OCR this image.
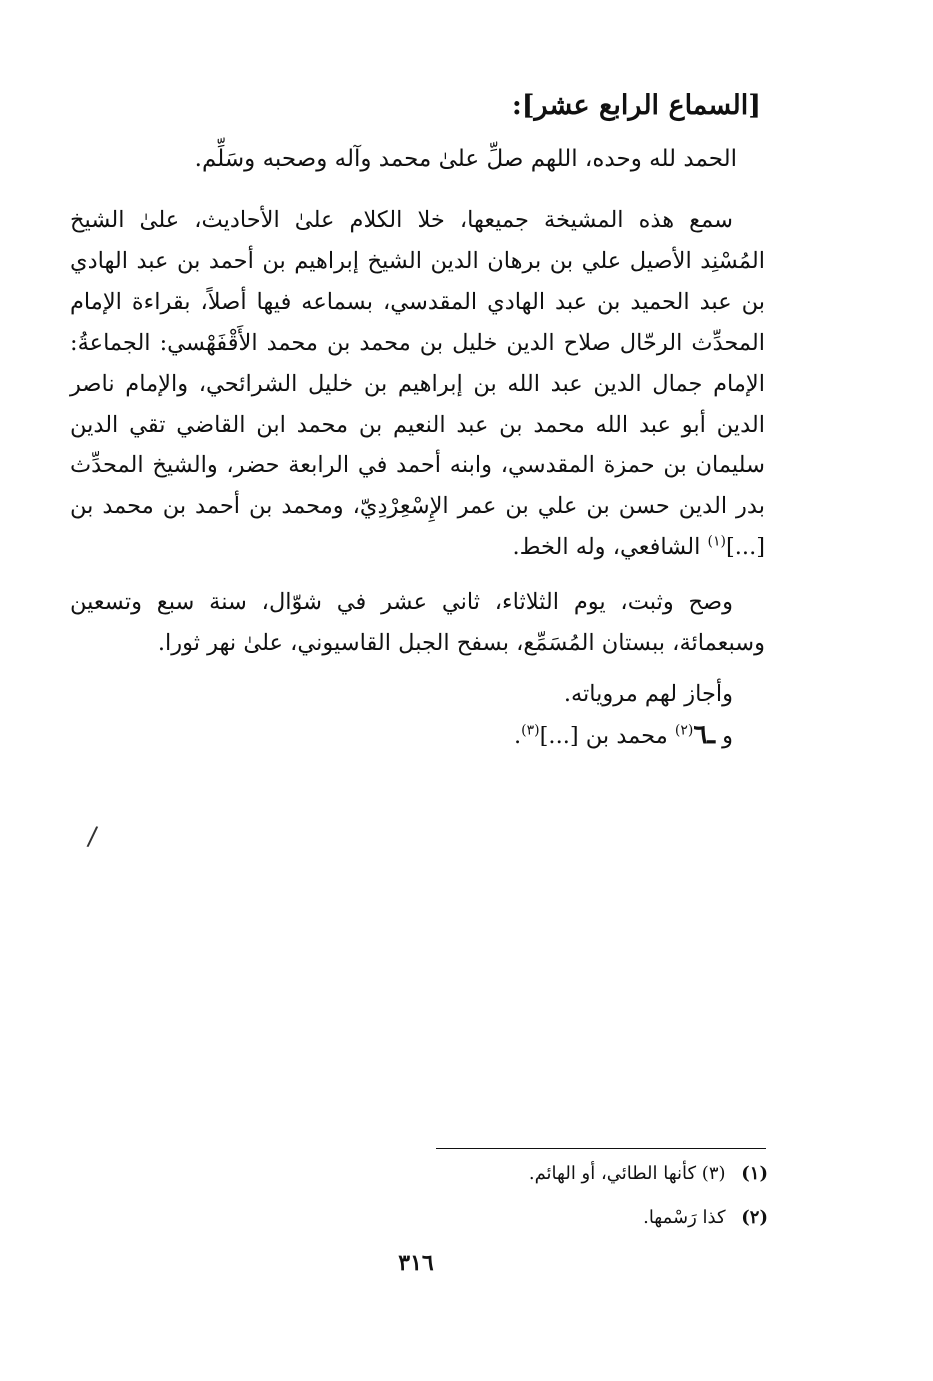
[السماع الرابع عشر]:
الحمد لله وحده، اللهم صلِّ علىٰ محمد وآله وصحبه وسَلِّم.
سمع هذه المشيخة جميعها، خلا الكلام علىٰ الأحاديث، علىٰ الشيخ المُسْنِد الأصيل علي بن برهان الدين الشيخ إبراهيم بن أحمد بن عبد الهادي بن عبد الحميد بن عبد الهادي المقدسي، بسماعه فيها أصلاً، بقراءة الإمام المحدِّث الرحّال صلاح الدين خليل بن محمد بن محمد الأَقْفَهْسي: الجماعةُ: الإمام جمال الدين عبد الله بن إبراهيم بن خليل الشرائحي، والإمام ناصر الدين أبو عبد الله محمد بن عبد النعيم بن محمد ابن القاضي تقي الدين سليمان بن حمزة المقدسي، وابنه أحمد في الرابعة حضر، والشيخ المحدِّث بدر الدين حسن بن علي بن عمر الإِسْعِرْدِيّ، ومحمد بن أحمد بن محمد بن [...]$^{(١)}$ الشافعي، وله الخط.
وصح وثبت، يوم الثلاثاء، ثاني عشر في شوّال، سنة سبع وتسعين وسبعمائة، ببستان المُسَمِّع، بسفح الجبل القاسيوني، علىٰ نهر ثورا.
وأجاز لهم مروياته.
و ـ٦$^{(٢)}$ محمد بن [...]$^{(٣)}$.
/
(١) (٣) كأنها الطائي، أو الهائم.
(٢) كذا رَسْمها.
٣١٦
